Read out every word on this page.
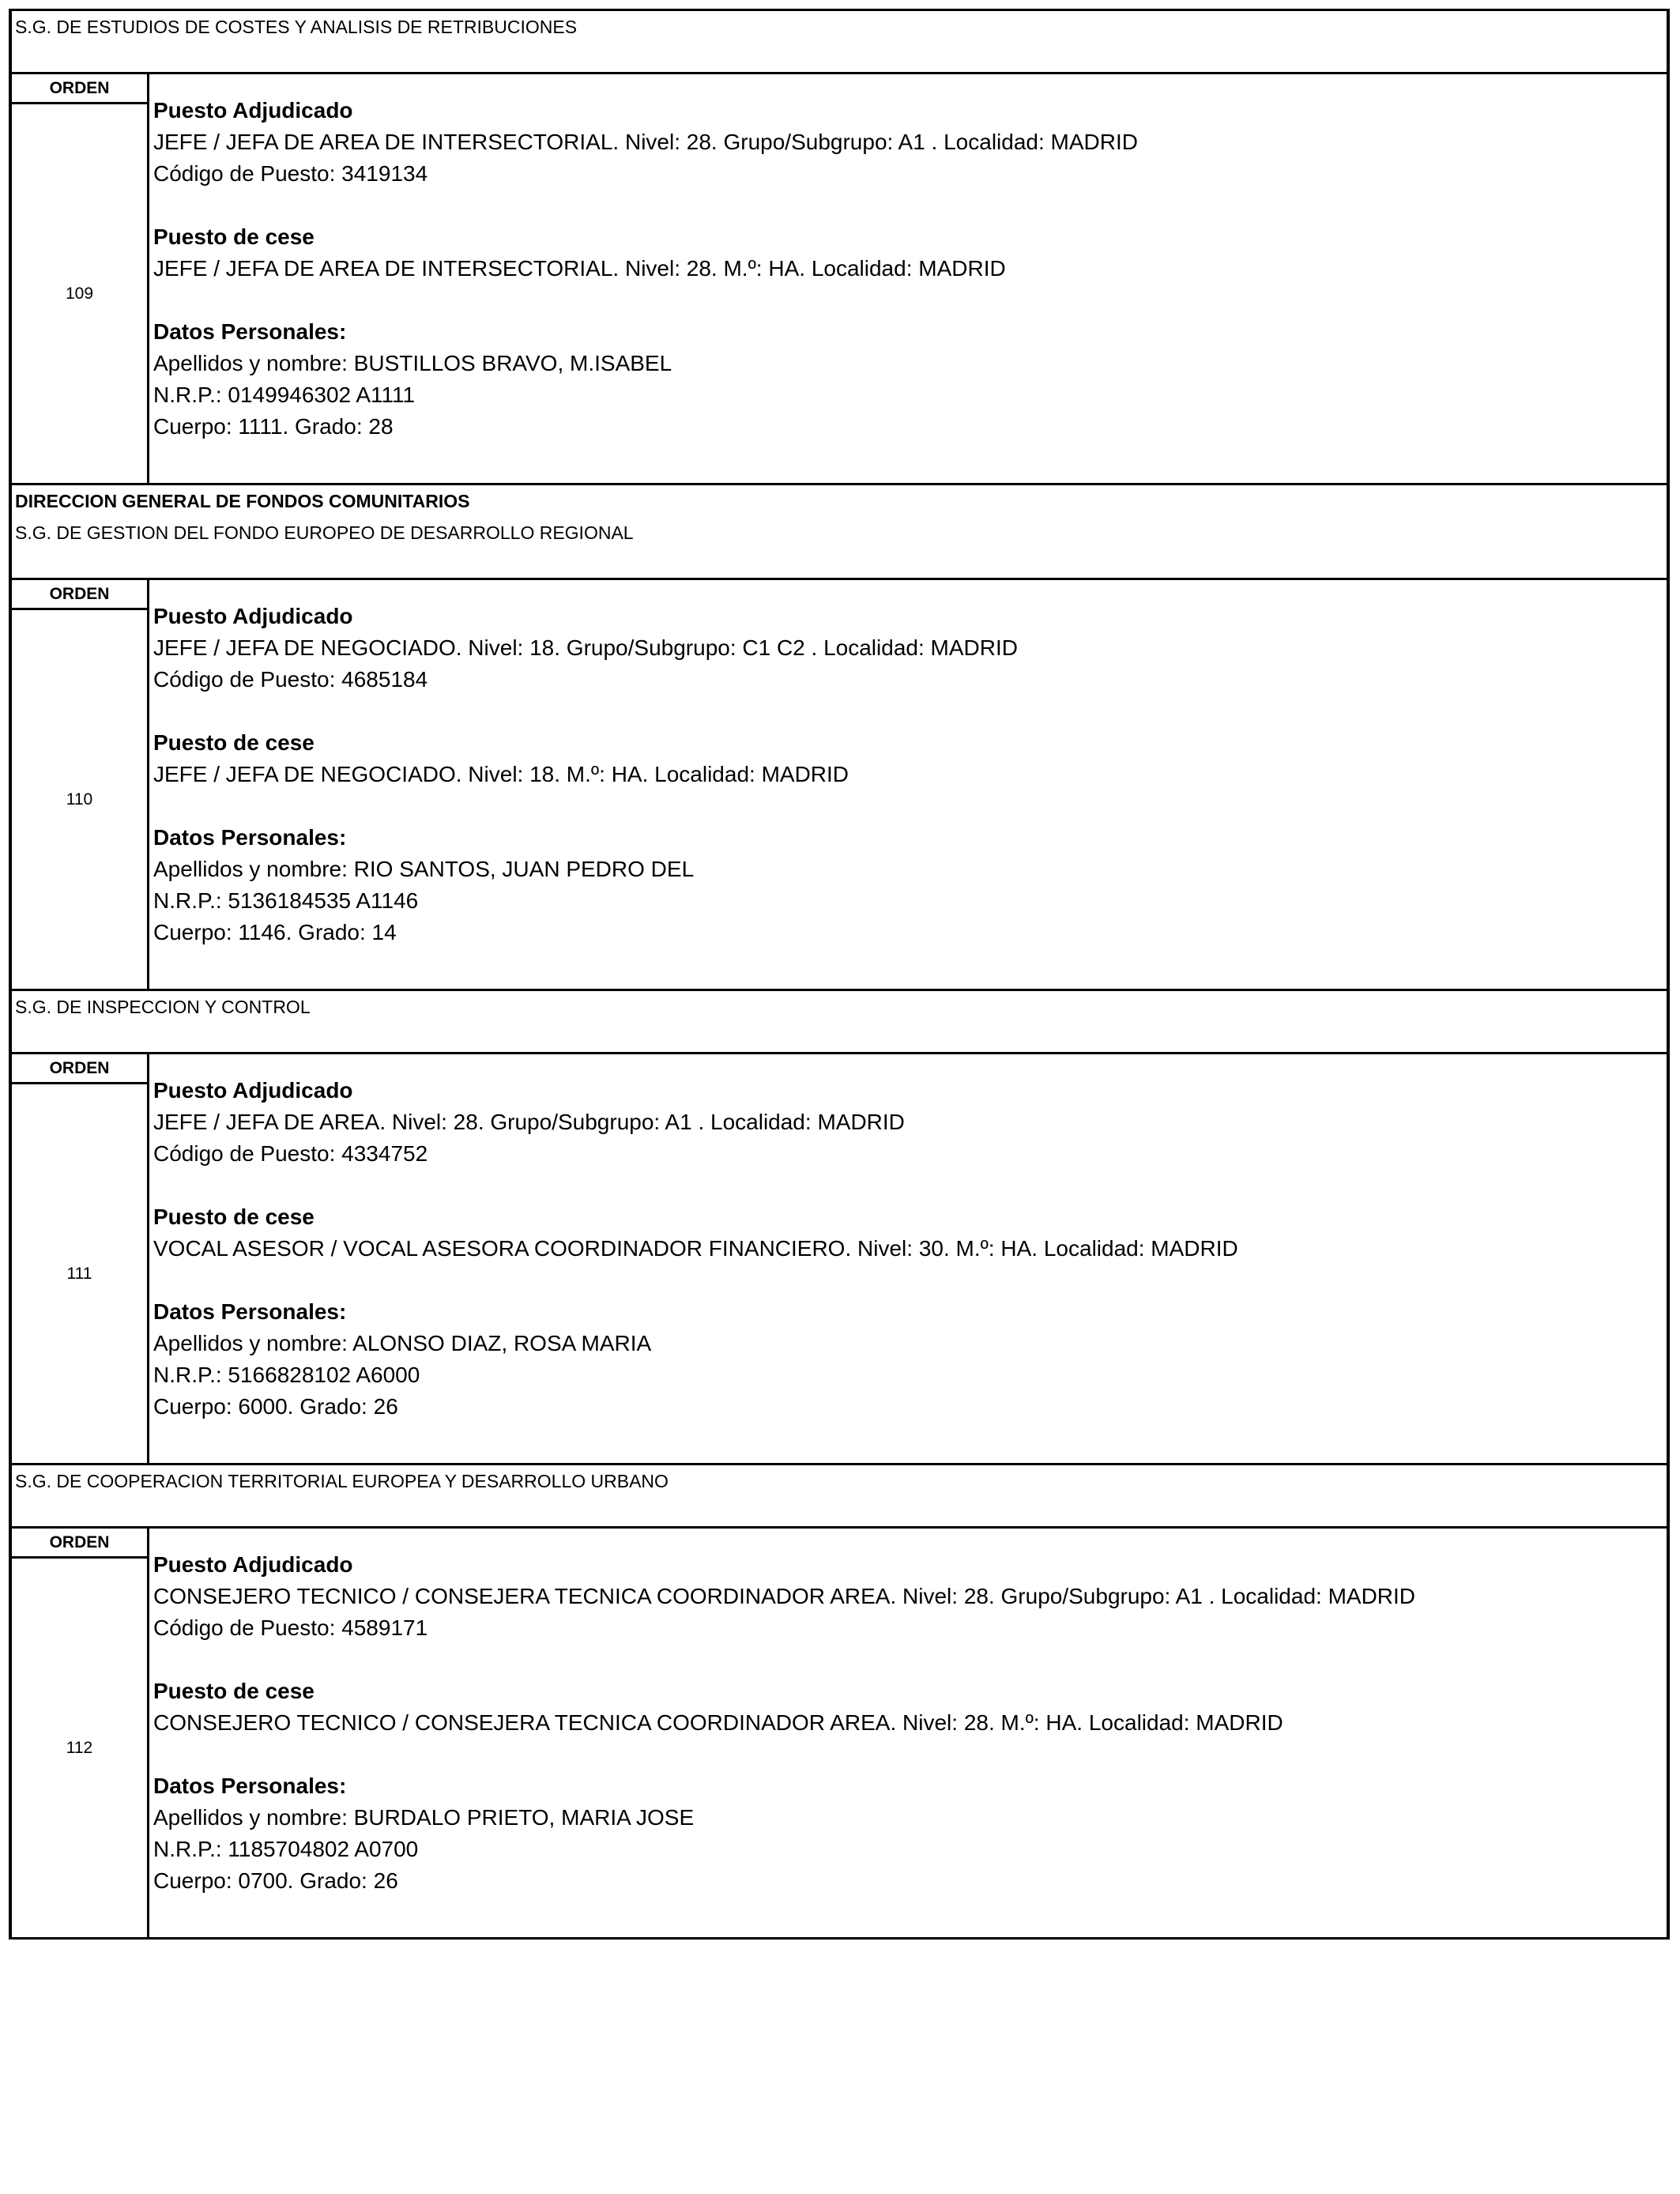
S.G. DE ESTUDIOS DE COSTES Y ANALISIS DE RETRIBUCIONES
ORDEN
109
Puesto Adjudicado
JEFE / JEFA DE AREA DE INTERSECTORIAL. Nivel: 28. Grupo/Subgrupo: A1 . Localidad: MADRID
Código de Puesto: 3419134
Puesto de cese
JEFE / JEFA DE AREA DE INTERSECTORIAL. Nivel: 28. M.º: HA. Localidad: MADRID
Datos Personales:
Apellidos y nombre: BUSTILLOS BRAVO, M.ISABEL
N.R.P.: 0149946302 A1111
Cuerpo: 1111. Grado: 28
DIRECCION GENERAL DE FONDOS COMUNITARIOS
S.G. DE GESTION DEL FONDO EUROPEO DE DESARROLLO REGIONAL
ORDEN
110
Puesto Adjudicado
JEFE / JEFA DE NEGOCIADO. Nivel: 18. Grupo/Subgrupo: C1 C2 . Localidad: MADRID
Código de Puesto: 4685184
Puesto de cese
JEFE / JEFA DE NEGOCIADO. Nivel: 18. M.º: HA. Localidad: MADRID
Datos Personales:
Apellidos y nombre: RIO SANTOS, JUAN PEDRO DEL
N.R.P.: 5136184535 A1146
Cuerpo: 1146. Grado: 14
S.G. DE INSPECCION Y CONTROL
ORDEN
111
Puesto Adjudicado
JEFE / JEFA DE AREA. Nivel: 28. Grupo/Subgrupo: A1 . Localidad: MADRID
Código de Puesto: 4334752
Puesto de cese
VOCAL ASESOR / VOCAL ASESORA COORDINADOR FINANCIERO. Nivel: 30. M.º: HA. Localidad: MADRID
Datos Personales:
Apellidos y nombre: ALONSO DIAZ, ROSA MARIA
N.R.P.: 5166828102 A6000
Cuerpo: 6000. Grado: 26
S.G. DE COOPERACION TERRITORIAL EUROPEA Y DESARROLLO URBANO
ORDEN
112
Puesto Adjudicado
CONSEJERO TECNICO / CONSEJERA TECNICA COORDINADOR AREA. Nivel: 28. Grupo/Subgrupo: A1 . Localidad: MADRID
Código de Puesto: 4589171
Puesto de cese
CONSEJERO TECNICO / CONSEJERA TECNICA COORDINADOR AREA. Nivel: 28. M.º: HA. Localidad: MADRID
Datos Personales:
Apellidos y nombre: BURDALO PRIETO, MARIA JOSE
N.R.P.: 1185704802 A0700
Cuerpo: 0700. Grado: 26
